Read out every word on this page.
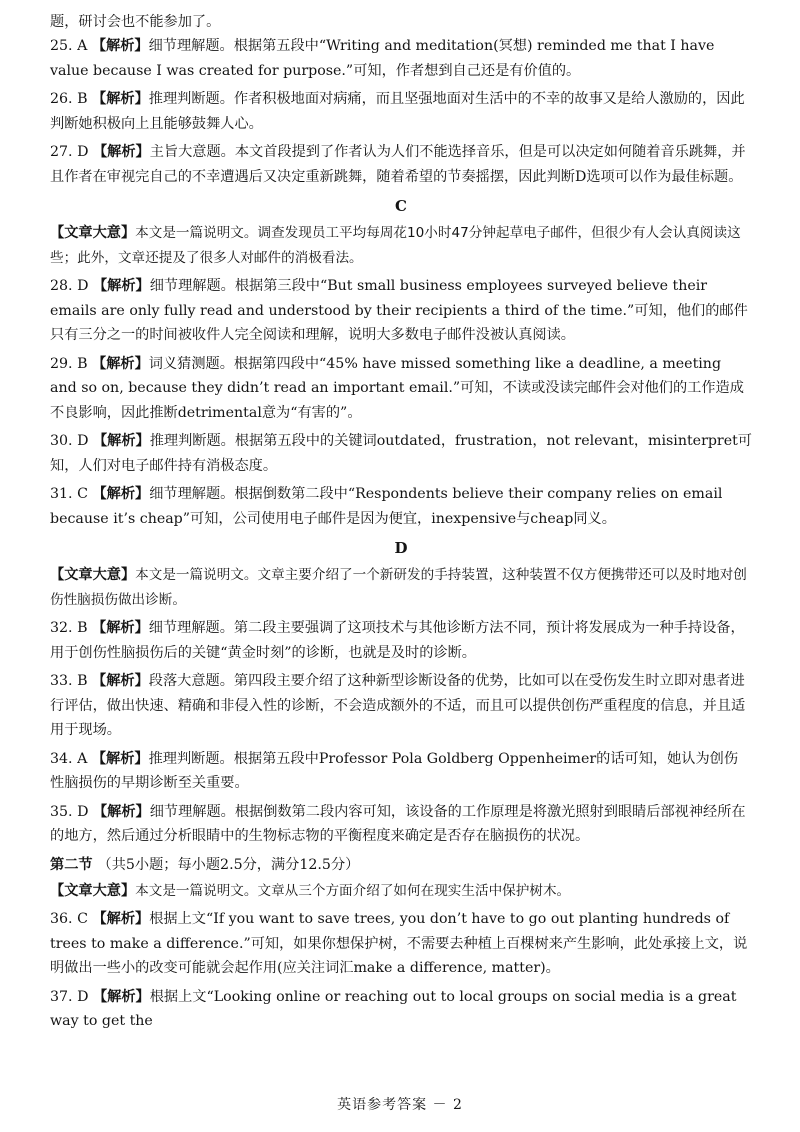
题，研讨会也不能参加了。
25. A 【解析】细节理解题。根据第五段中“Writing and meditation(冥想) reminded me that I have value because I was created for purpose.”可知，作者想到自己还是有价值的。
26. B 【解析】推理判断题。作者积极地面对病痛，而且坚强地面对生活中的不幸的故事又是给人激励的，因此判断她积极向上且能够鼓舞人心。
27. D 【解析】主旨大意题。本文首段提到了作者认为人们不能选择音乐，但是可以决定如何随着音乐跳舞，并且作者在审视完自己的不幸遭遇后又决定重新跳舞，随着希望的节奏摇摆，因此判断D选项可以作为最佳标题。
C
【文章大意】本文是一篇说明文。调查发现员工平均每周花10小时47分钟起草电子邮件，但很少有人会认真阅读这些；此外，文章还提及了很多人对邮件的消极看法。
28. D 【解析】细节理解题。根据第三段中“But small business employees surveyed believe their emails are only fully read and understood by their recipients a third of the time.”可知，他们的邮件只有三分之一的时间被收件人完全阅读和理解，说明大多数电子邮件没被认真阅读。
29. B 【解析】词义猜测题。根据第四段中“45% have missed something like a deadline, a meeting and so on, because they didn’t read an important email.”可知，不读或没读完邮件会对他们的工作造成不良影响，因此推断detrimental意为“有害的”。
30. D 【解析】推理判断题。根据第五段中的关键词outdated，frustration，not relevant，misinterpret可知，人们对电子邮件持有消极态度。
31. C 【解析】细节理解题。根据倒数第二段中“Respondents believe their company relies on email because it’s cheap”可知，公司使用电子邮件是因为便宜，inexpensive与cheap同义。
D
【文章大意】本文是一篇说明文。文章主要介绍了一个新研发的手持装置，这种装置不仅方便携带还可以及时地对创伤性脑损伤做出诊断。
32. B 【解析】细节理解题。第二段主要强调了这项技术与其他诊断方法不同，预计将发展成为一种手持设备，用于创伤性脑损伤后的关键“黄金时刻”的诊断，也就是及时的诊断。
33. B 【解析】段落大意题。第四段主要介绍了这种新型诊断设备的优势，比如可以在受伤发生时立即对患者进行评估，做出快速、精确和非侵入性的诊断，不会造成额外的不适，而且可以提供创伤严重程度的信息，并且适用于现场。
34. A 【解析】推理判断题。根据第五段中Professor Pola Goldberg Oppenheimer的话可知，她认为创伤性脑损伤的早期诊断至关重要。
35. D 【解析】细节理解题。根据倒数第二段内容可知，该设备的工作原理是将激光照射到眼睛后部视神经所在的地方，然后通过分析眼睛中的生物标志物的平衡程度来确定是否存在脑损伤的状况。
第二节 （共5小题；每小题2.5分，满分12.5分）
【文章大意】本文是一篇说明文。文章从三个方面介绍了如何在现实生活中保护树木。
36. C 【解析】根据上文“If you want to save trees, you don’t have to go out planting hundreds of trees to make a difference.”可知，如果你想保护树，不需要去种植上百棵树来产生影响，此处承接上文，说明做出一些小的改变可能就会起作用(应关注词汇make a difference, matter)。
37. D 【解析】根据上文“Looking online or reaching out to local groups on social media is a great way to get the
英语参考答案 － 2
